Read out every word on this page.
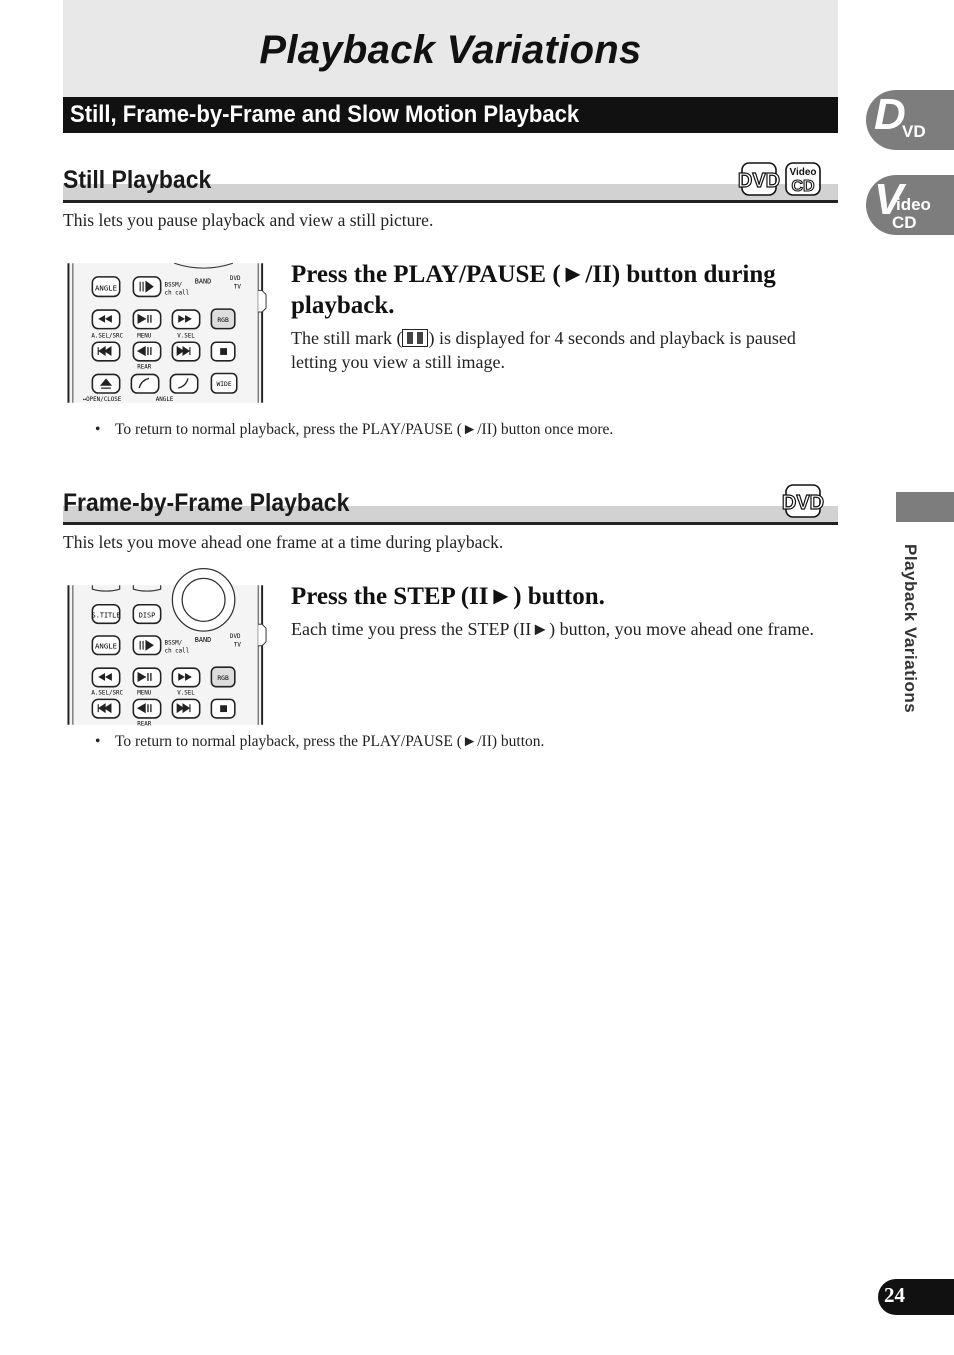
Playback Variations
Still, Frame-by-Frame and Slow Motion Playback	D
VD
V
ideo
CD
Playback Variations
Still Playback	DVD Video
CD
This lets you pause playback and view a still picture.
ANGLE	BSSM/
ch call
BAND	DVD
TV
RGB
A.SEL/SRC MENU	V.SEL
REAR
WIDE
↔OPEN/CLOSE	ANGLE
Press the PLAY/PAUSE (►/II) button during playback.
The still mark ( ) is displayed for 4 seconds and playback is paused letting you view a still image.
• To return to normal playback, press the PLAY/PAUSE (►/II) button once more.
Frame-by-Frame Playback	DVD
This lets you move ahead one frame at a time during playback.
S.TITLE	DISP
ANGLE	BSSM/
ch call
BAND	DVD
TV
RGB
A.SEL/SRC MENU	V.SEL
REAR
Press the STEP (II►) button.
Each time you press the STEP (II►) button, you move ahead one frame.
• To return to normal playback, press the PLAY/PAUSE (►/II) button.
24
